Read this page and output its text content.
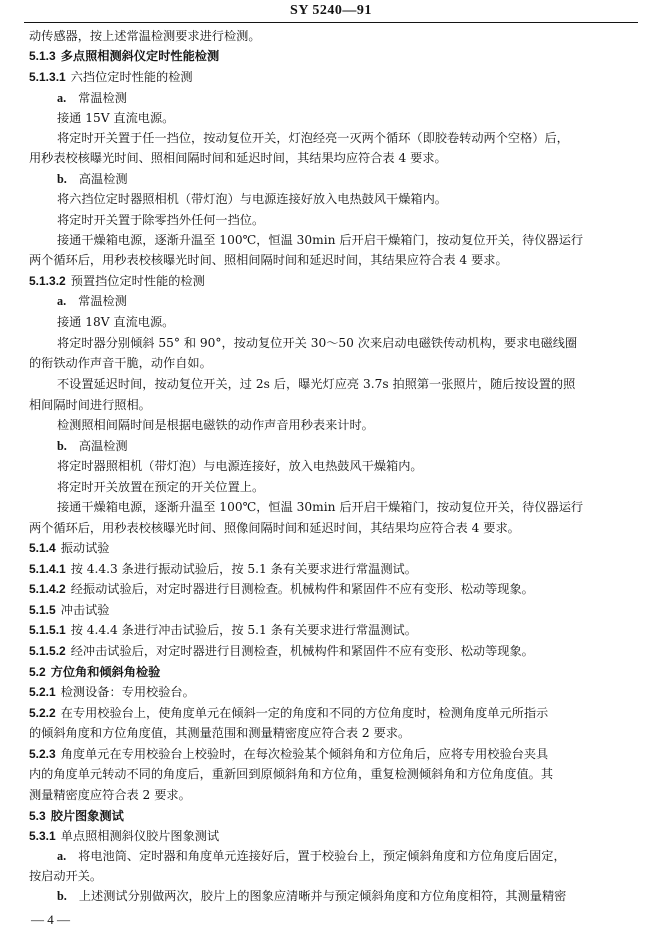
SY 5240—91
动传感器，按上述常温检测要求进行检测。
5.1.3 多点照相测斜仪定时性能检测
5.1.3.1 六挡位定时性能的检测
a. 常温检测
接通 15V 直流电源。
将定时开关置于任一挡位，按动复位开关，灯泡经亮一灭两个循环（即胶卷转动两个空格）后，
用秒表校核曝光时间、照相间隔时间和延迟时间，其结果均应符合表 4 要求。
b. 高温检测
将六挡位定时器照相机（带灯泡）与电源连接好放入电热鼓风干燥箱内。
将定时开关置于除零挡外任何一挡位。
接通干燥箱电源，逐渐升温至 100℃，恒温 30min 后开启干燥箱门，按动复位开关，待仪器运行
两个循环后，用秒表校核曝光时间、照相间隔时间和延迟时间，其结果应符合表 4 要求。
5.1.3.2 预置挡位定时性能的检测
a. 常温检测
接通 18V 直流电源。
将定时器分别倾斜 55° 和 90°，按动复位开关 30～50 次来启动电磁铁传动机构，要求电磁线圈
的衔铁动作声音干脆，动作自如。
不设置延迟时间，按动复位开关，过 2s 后，曝光灯应亮 3.7s 拍照第一张照片，随后按设置的照
相间隔时间进行照相。
检测照相间隔时间是根据电磁铁的动作声音用秒表来计时。
b. 高温检测
将定时器照相机（带灯泡）与电源连接好，放入电热鼓风干燥箱内。
将定时开关放置在预定的开关位置上。
接通干燥箱电源，逐渐升温至 100℃，恒温 30min 后开启干燥箱门，按动复位开关，待仪器运行
两个循环后，用秒表校核曝光时间、照像间隔时间和延迟时间，其结果均应符合表 4 要求。
5.1.4 振动试验
5.1.4.1 按 4.4.3 条进行振动试验后，按 5.1 条有关要求进行常温测试。
5.1.4.2 经振动试验后，对定时器进行目测检查。机械构件和紧固件不应有变形、松动等现象。
5.1.5 冲击试验
5.1.5.1 按 4.4.4 条进行冲击试验后，按 5.1 条有关要求进行常温测试。
5.1.5.2 经冲击试验后，对定时器进行目测检查，机械构件和紧固件不应有变形、松动等现象。
5.2 方位角和倾斜角检验
5.2.1 检测设备：专用校验台。
5.2.2 在专用校验台上，使角度单元在倾斜一定的角度和不同的方位角度时，检测角度单元所指示
的倾斜角度和方位角度值，其测量范围和测量精密度应符合表 2 要求。
5.2.3 角度单元在专用校验台上校验时，在每次检验某个倾斜角和方位角后，应将专用校验台夹具
内的角度单元转动不同的角度后，重新回到原倾斜角和方位角，重复检测倾斜角和方位角度值。其
测量精密度应符合表 2 要求。
5.3 胶片图象测试
5.3.1 单点照相测斜仪胶片图象测试
a. 将电池筒、定时器和角度单元连接好后，置于校验台上，预定倾斜角度和方位角度后固定，
按启动开关。
b. 上述测试分别做两次，胶片上的图象应清晰并与预定倾斜角度和方位角度相符，其测量精密
— 4 —
